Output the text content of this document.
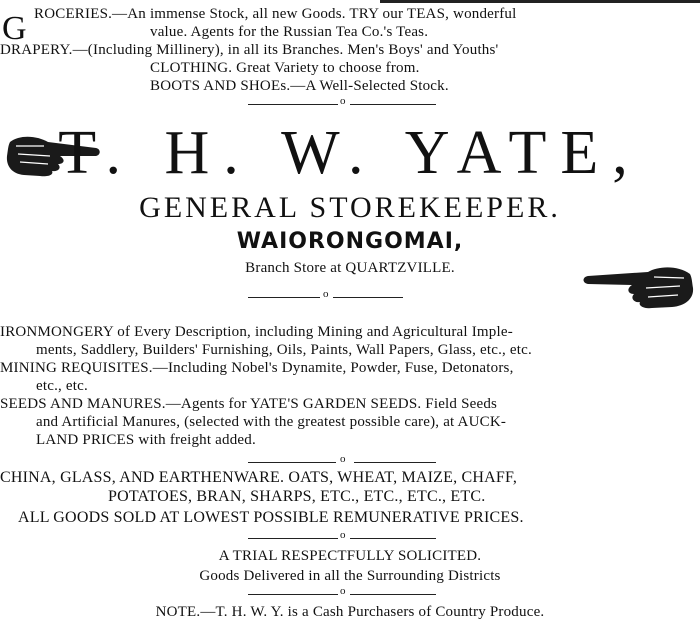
G ROCERIES.—An immense Stock, all new Goods. TRY our TEAS, wonderful
value. Agents for the Russian Tea Co.'s Teas.
DRAPERY.—(Including Millinery), in all its Branches. Men's Boys' and Youths'
CLOTHING. Great Variety to choose from.
BOOTS AND SHOEs.—A Well-Selected Stock.
o
T. H. W. YATE,
GENERAL STOREKEEPER.
WAIORONGOMAI,
Branch Store at QUARTZVILLE.
o
IRONMONGERY of Every Description, including Mining and Agricultural Imple-
ments, Saddlery, Builders' Furnishing, Oils, Paints, Wall Papers, Glass, etc., etc.
MINING REQUISITES.—Including Nobel's Dynamite, Powder, Fuse, Detonators,
etc., etc.
SEEDS AND MANURES.—Agents for YATE'S GARDEN SEEDS. Field Seeds
and Artificial Manures, (selected with the greatest possible care), at AUCK-
LAND PRICES with freight added.
o
CHINA, GLASS, AND EARTHENWARE. OATS, WHEAT, MAIZE, CHAFF,
POTATOES, BRAN, SHARPS, ETC., ETC., ETC., ETC.
ALL GOODS SOLD AT LOWEST POSSIBLE REMUNERATIVE PRICES.
o
A TRIAL RESPECTFULLY SOLICITED.
Goods Delivered in all the Surrounding Districts
o
NOTE.—T. H. W. Y. is a Cash Purchasers of Country Produce.
